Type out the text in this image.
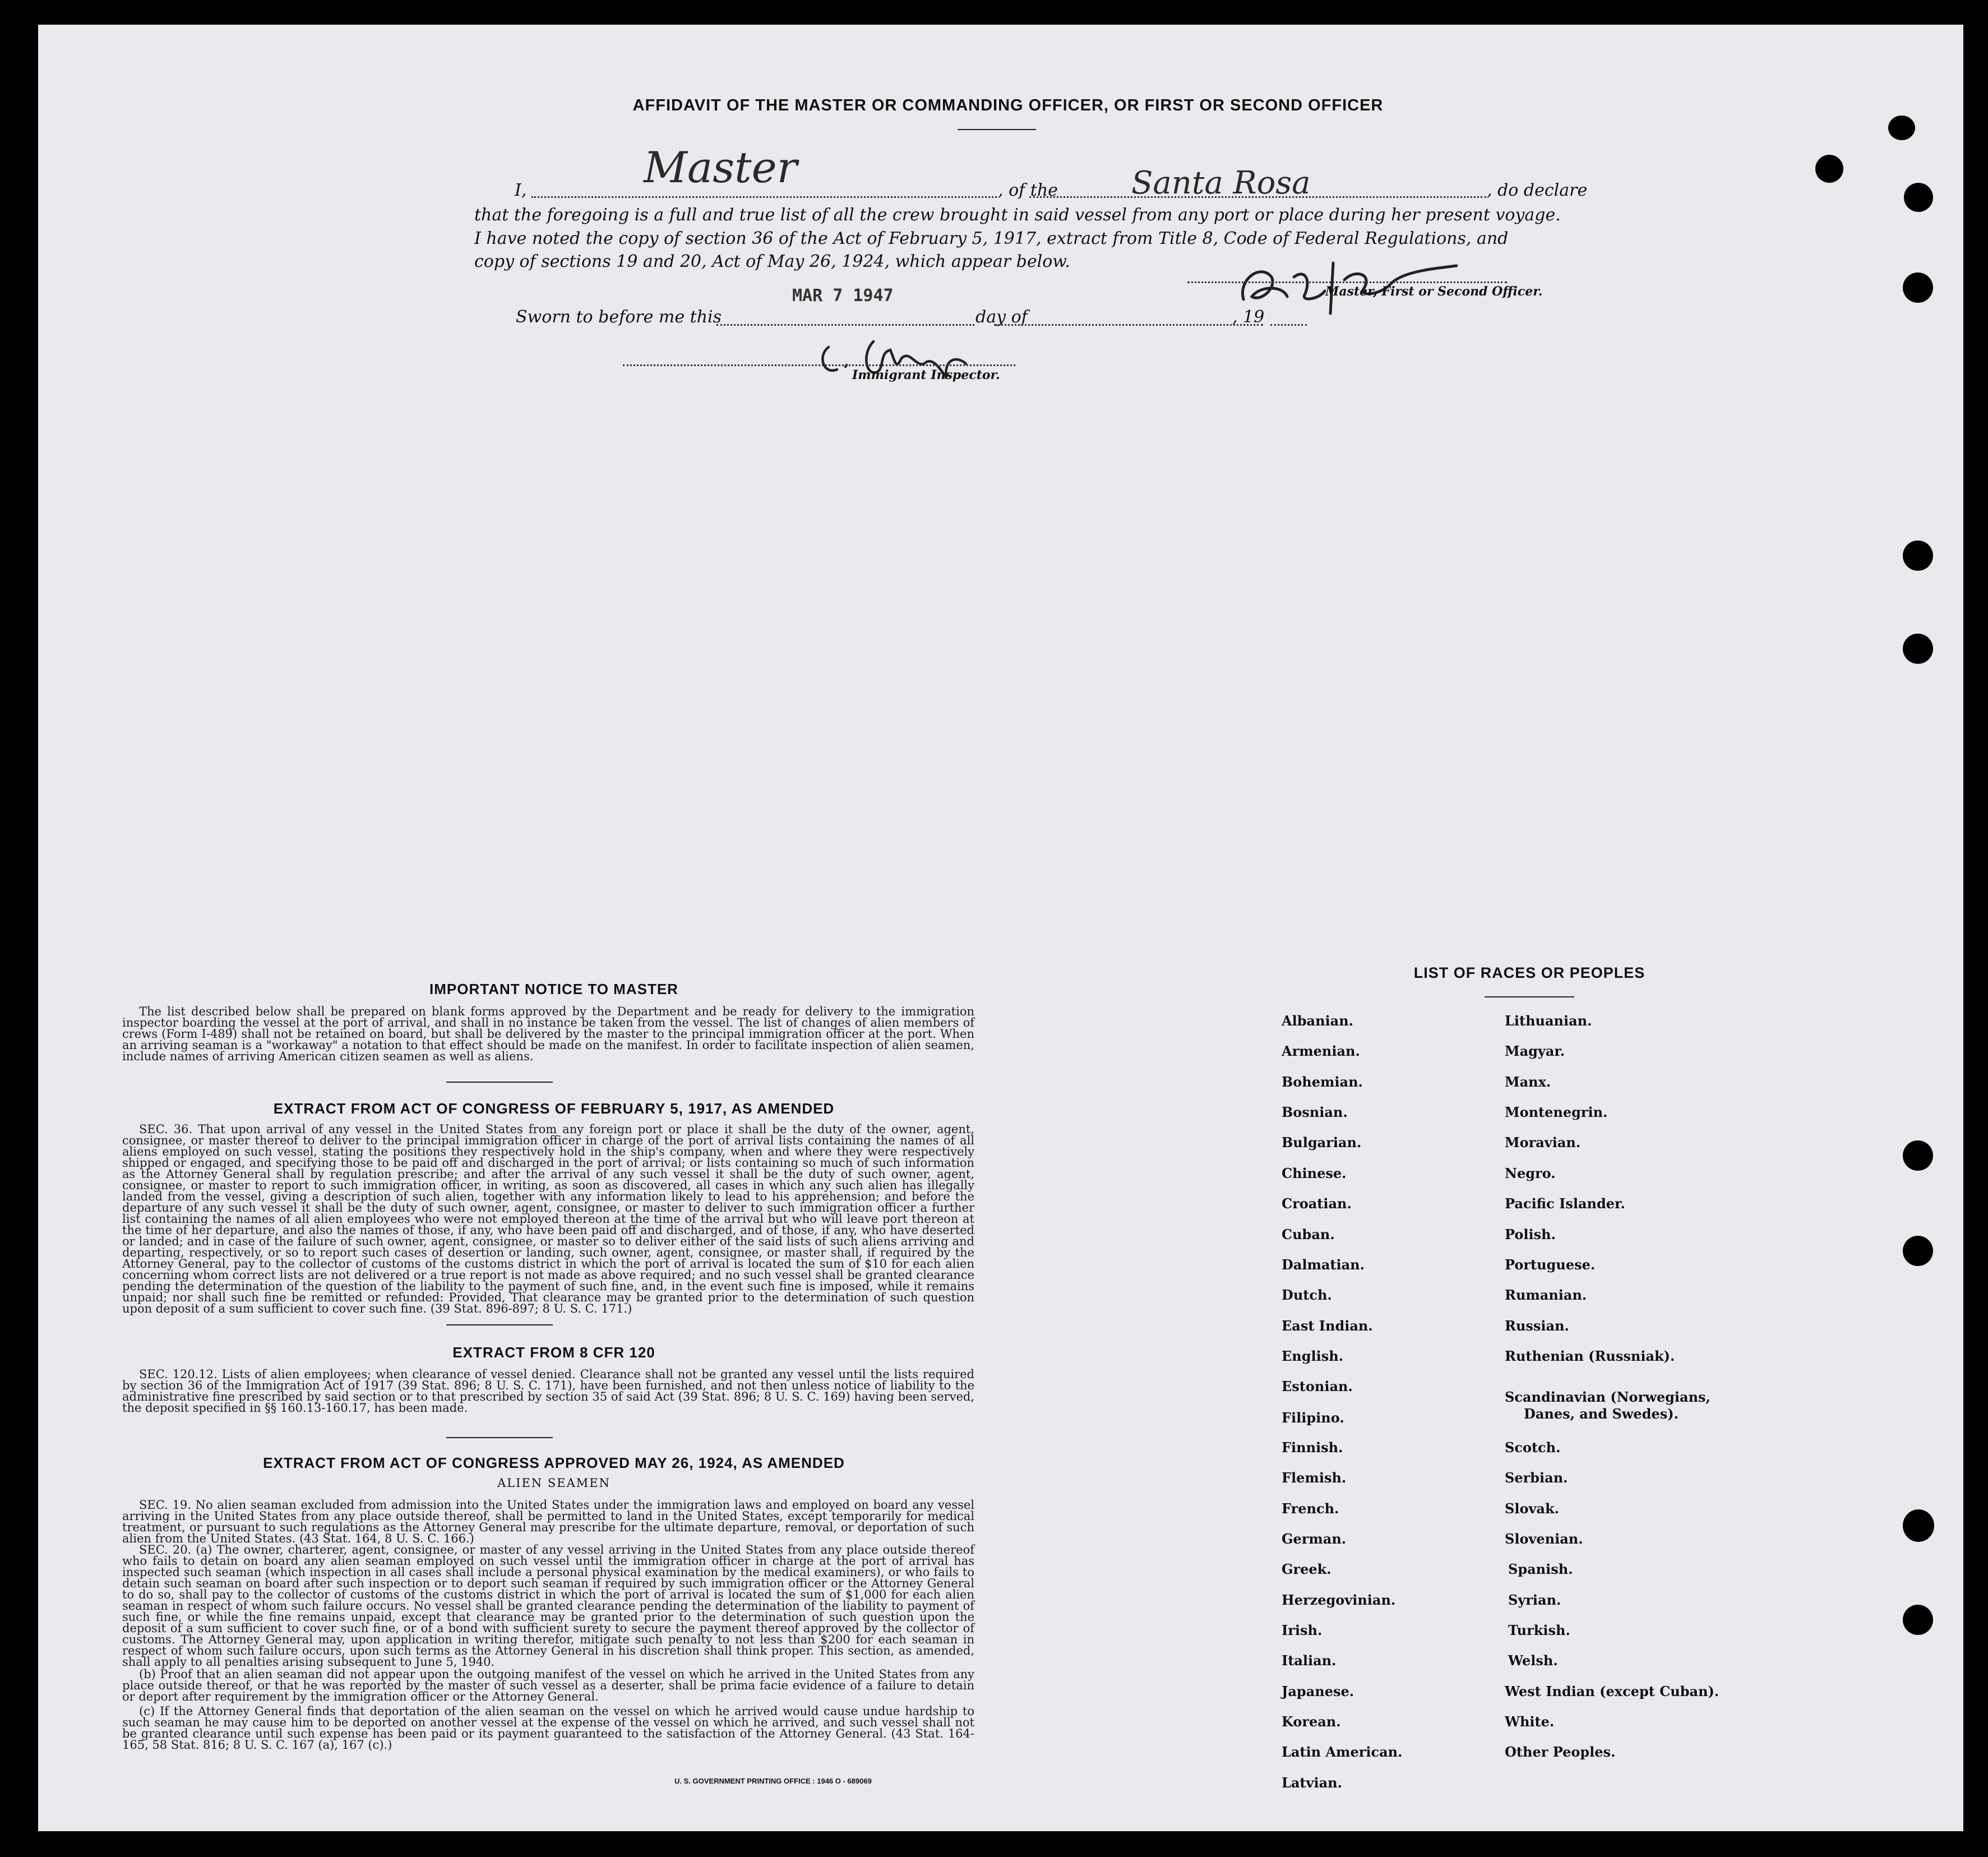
AFFIDAVIT OF THE MASTER OR COMMANDING OFFICER, OR FIRST OR SECOND OFFICER
I,	Master	, of the Santa Rosa	, do declare
that the foregoing is a full and true list of all the crew brought in said vessel from any port or place during her present voyage.
I have noted the copy of section 36 of the Act of February 5, 1917, extract from Title 8, Code of Federal Regulations, and
copy of sections 19 and 20, Act of May 26, 1924, which appear below.
Master, First or Second Officer.
Sworn to before me this
MAR 7 1947
day of	, 19
Immigrant Inspector.
IMPORTANT NOTICE TO MASTER
The list described below shall be prepared on blank forms approved by the Department and be ready for delivery to the immigration inspector boarding the vessel at the port of arrival, and shall in no instance be taken from the vessel. The list of changes of alien members of crews (Form I-489) shall not be retained on board, but shall be delivered by the master to the principal immigration officer at the port. When an arriving seaman is a "workaway" a notation to that effect should be made on the manifest. In order to facilitate inspection of alien seamen, include names of arriving American citizen seamen as well as aliens.
EXTRACT FROM ACT OF CONGRESS OF FEBRUARY 5, 1917, AS AMENDED
SEC. 36. That upon arrival of any vessel in the United States from any foreign port or place it shall be the duty of the owner, agent, consignee, or master thereof to deliver to the principal immigration officer in charge of the port of arrival lists containing the names of all aliens employed on such vessel, stating the positions they respectively hold in the ship's company, when and where they were respectively shipped or engaged, and specifying those to be paid off and discharged in the port of arrival; or lists containing so much of such information as the Attorney General shall by regulation prescribe; and after the arrival of any such vessel it shall be the duty of such owner, agent, consignee, or master to report to such immigration officer, in writing, as soon as discovered, all cases in which any such alien has illegally landed from the vessel, giving a description of such alien, together with any information likely to lead to his apprehension; and before the departure of any such vessel it shall be the duty of such owner, agent, consignee, or master to deliver to such immigration officer a further list containing the names of all alien employees who were not employed thereon at the time of the arrival but who will leave port thereon at the time of her departure, and also the names of those, if any, who have been paid off and discharged, and of those, if any, who have deserted or landed; and in case of the failure of such owner, agent, consignee, or master so to deliver either of the said lists of such aliens arriving and departing, respectively, or so to report such cases of desertion or landing, such owner, agent, consignee, or master shall, if required by the Attorney General, pay to the collector of customs of the customs district in which the port of arrival is located the sum of $10 for each alien concerning whom correct lists are not delivered or a true report is not made as above required; and no such vessel shall be granted clearance pending the determination of the question of the liability to the payment of such fine, and, in the event such fine is imposed, while it remains unpaid; nor shall such fine be remitted or refunded: Provided, That clearance may be granted prior to the determination of such question upon deposit of a sum sufficient to cover such fine. (39 Stat. 896-897; 8 U. S. C. 171.)
EXTRACT FROM 8 CFR 120
SEC. 120.12. Lists of alien employees; when clearance of vessel denied. Clearance shall not be granted any vessel until the lists required by section 36 of the Immigration Act of 1917 (39 Stat. 896; 8 U. S. C. 171), have been furnished, and not then unless notice of liability to the administrative fine prescribed by said section or to that prescribed by section 35 of said Act (39 Stat. 896; 8 U. S. C. 169) having been served, the deposit specified in §§ 160.13-160.17, has been made.
EXTRACT FROM ACT OF CONGRESS APPROVED MAY 26, 1924, AS AMENDED
ALIEN SEAMEN
SEC. 19. No alien seaman excluded from admission into the United States under the immigration laws and employed on board any vessel arriving in the United States from any place outside thereof, shall be permitted to land in the United States, except temporarily for medical treatment, or pursuant to such regulations as the Attorney General may prescribe for the ultimate departure, removal, or deportation of such alien from the United States. (43 Stat. 164, 8 U. S. C. 166.)
SEC. 20. (a) The owner, charterer, agent, consignee, or master of any vessel arriving in the United States from any place outside thereof who fails to detain on board any alien seaman employed on such vessel until the immigration officer in charge at the port of arrival has inspected such seaman (which inspection in all cases shall include a personal physical examination by the medical examiners), or who fails to detain such seaman on board after such inspection or to deport such seaman if required by such immigration officer or the Attorney General to do so, shall pay to the collector of customs of the customs district in which the port of arrival is located the sum of $1,000 for each alien seaman in respect of whom such failure occurs. No vessel shall be granted clearance pending the determination of the liability to payment of such fine, or while the fine remains unpaid, except that clearance may be granted prior to the determination of such question upon the deposit of a sum sufficient to cover such fine, or of a bond with sufficient surety to secure the payment thereof approved by the collector of customs. The Attorney General may, upon application in writing therefor, mitigate such penalty to not less than $200 for each seaman in respect of whom such failure occurs, upon such terms as the Attorney General in his discretion shall think proper. This section, as amended, shall apply to all penalties arising subsequent to June 5, 1940.
(b) Proof that an alien seaman did not appear upon the outgoing manifest of the vessel on which he arrived in the United States from any place outside thereof, or that he was reported by the master of such vessel as a deserter, shall be prima facie evidence of a failure to detain or deport after requirement by the immigration officer or the Attorney General.
(c) If the Attorney General finds that deportation of the alien seaman on the vessel on which he arrived would cause undue hardship to such seaman he may cause him to be deported on another vessel at the expense of the vessel on which he arrived, and such vessel shall not be granted clearance until such expense has been paid or its payment guaranteed to the satisfaction of the Attorney General. (43 Stat. 164-165, 58 Stat. 816; 8 U. S. C. 167 (a), 167 (c).)
U. S. GOVERNMENT PRINTING OFFICE : 1946 O - 689069
LIST OF RACES OR PEOPLES
Albanian.
Armenian.
Bohemian.
Bosnian.
Bulgarian.
Chinese.
Croatian.
Cuban.
Dalmatian.
Dutch.
East Indian.
English.
Estonian.
Filipino.
Finnish.
Flemish.
French.
German.
Greek.
Herzegovinian.
Irish.
Italian.
Japanese.
Korean.
Latin American.
Latvian.
Lithuanian.
Magyar.
Manx.
Montenegrin.
Moravian.
Negro.
Pacific Islander.
Polish.
Portuguese.
Rumanian.
Russian.
Ruthenian (Russniak).
Scandinavian (Norwegians,
Danes, and Swedes).
Scotch.
Serbian.
Slovak.
Slovenian.
Spanish.
Syrian.
Turkish.
Welsh.
West Indian (except Cuban).
White.
Other Peoples.
